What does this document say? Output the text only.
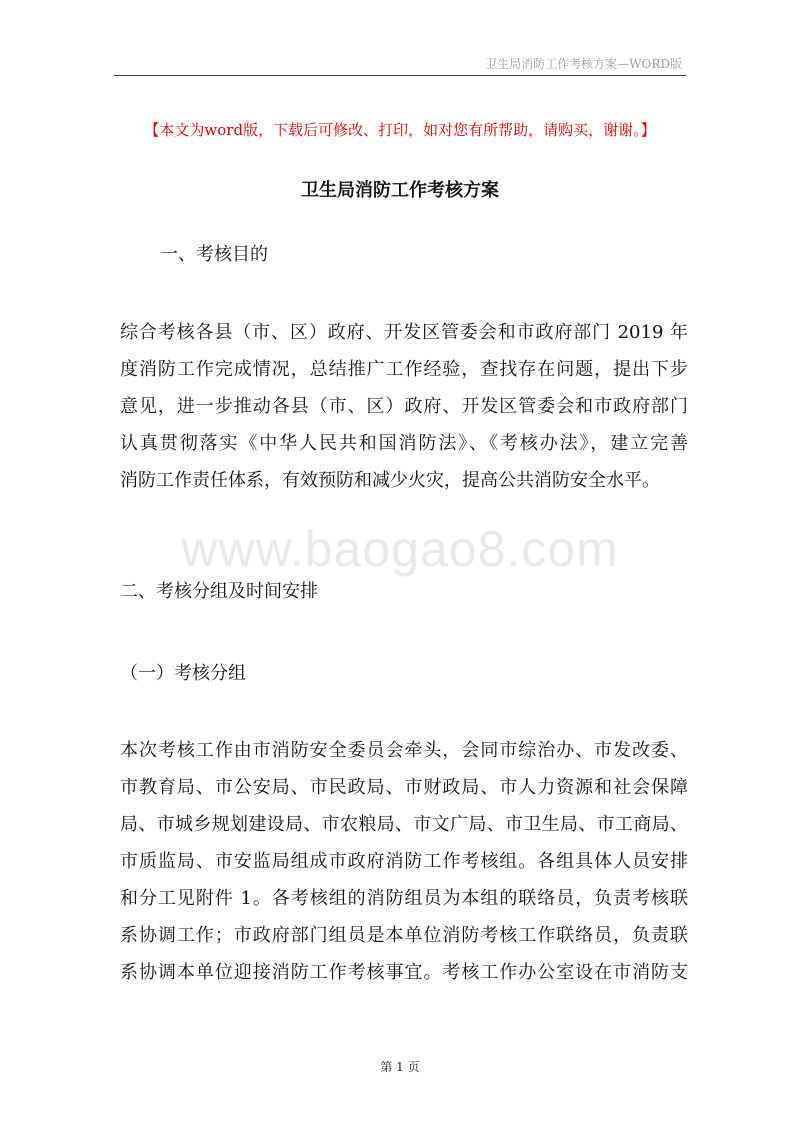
卫生局消防工作考核方案—WORD版
【本文为word版，下载后可修改、打印，如对您有所帮助，请购买，谢谢。】
卫生局消防工作考核方案
一、考核目的
综合考核各县（市、区）政府、开发区管委会和市政府部门 2019 年
度消防工作完成情况，总结推广工作经验，查找存在问题，提出下步
意见，进一步推动各县（市、区）政府、开发区管委会和市政府部门
认真贯彻落实《中华人民共和国消防法》、《考核办法》，建立完善
消防工作责任体系，有效预防和减少火灾，提高公共消防安全水平。
www.baogao8.com
二、考核分组及时间安排
（一）考核分组
本次考核工作由市消防安全委员会牵头，会同市综治办、市发改委、
市教育局、市公安局、市民政局、市财政局、市人力资源和社会保障
局、市城乡规划建设局、市农粮局、市文广局、市卫生局、市工商局、
市质监局、市安监局组成市政府消防工作考核组。各组具体人员安排
和分工见附件 1。各考核组的消防组员为本组的联络员，负责考核联
系协调工作；市政府部门组员是本单位消防考核工作联络员，负责联
系协调本单位迎接消防工作考核事宜。考核工作办公室设在市消防支
第 1 页
